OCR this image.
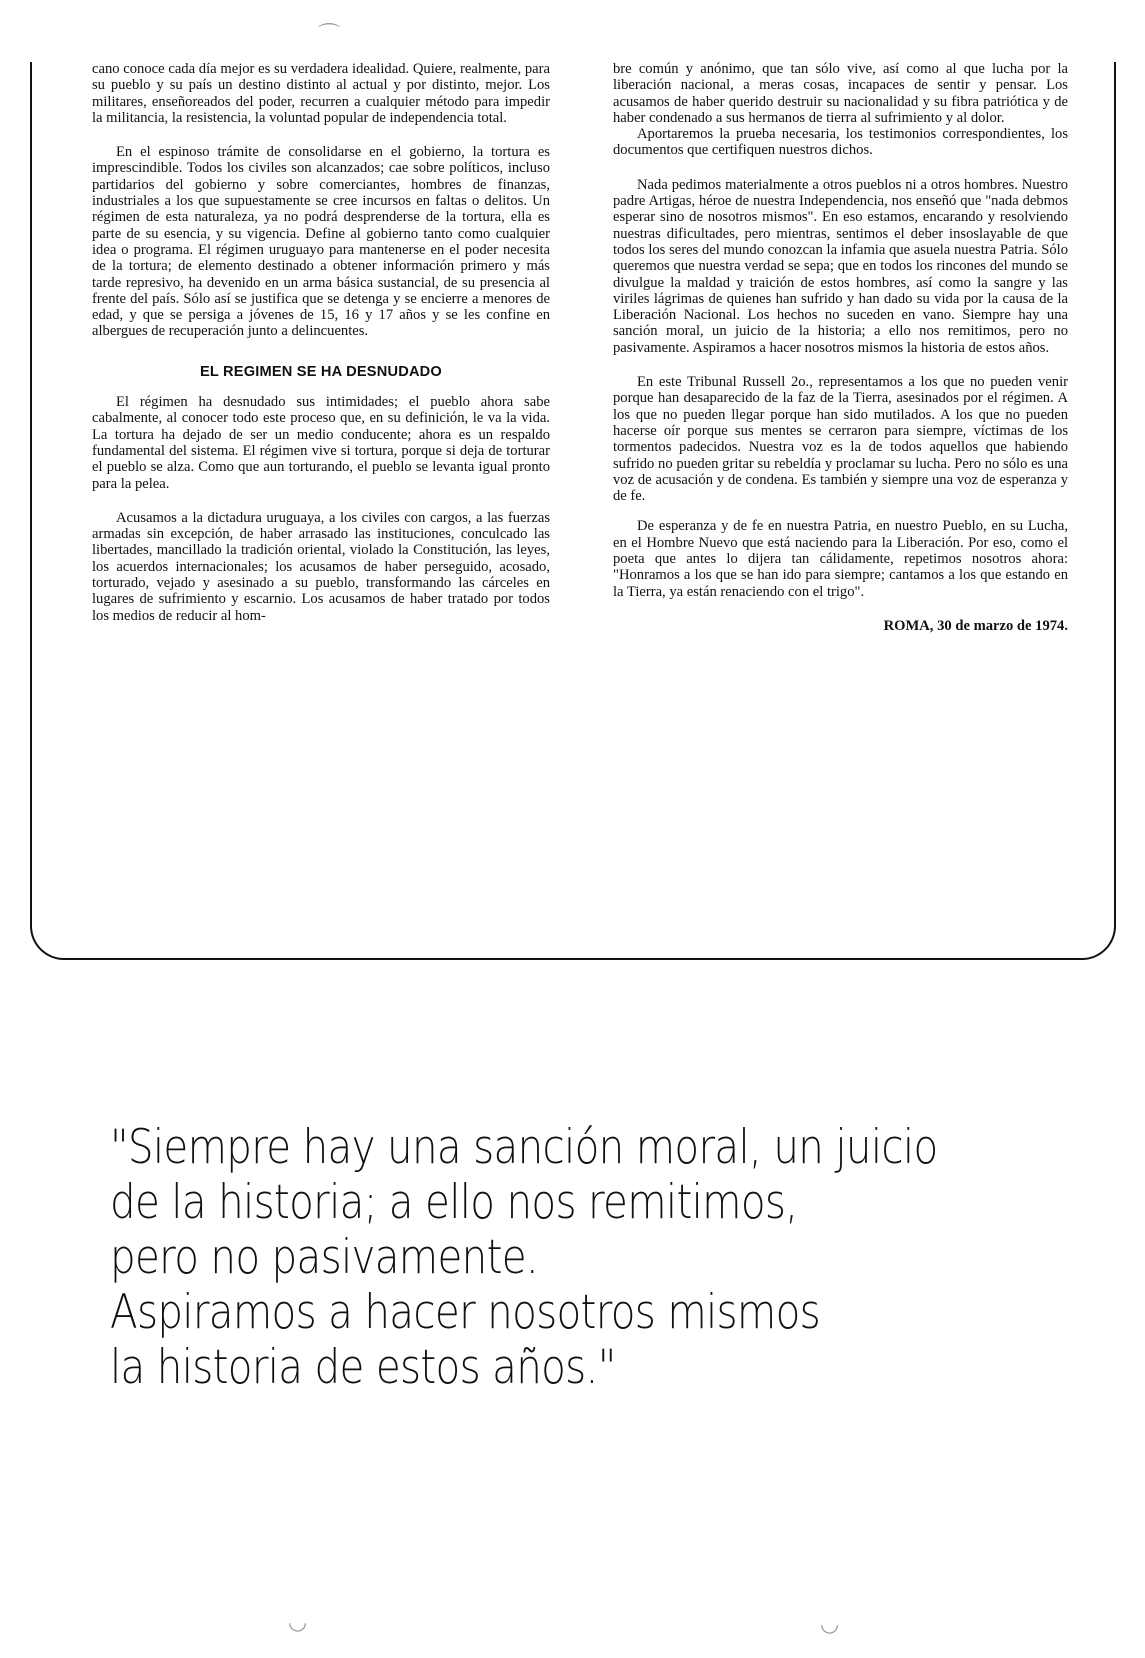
⌒

cano conoce cada día mejor es su verdadera idealidad. Quiere, realmente, para su pueblo y su país un destino distinto al actual y por distinto, mejor. Los militares, enseñoreados del poder, recurren a cualquier método para impedir la militancia, la resistencia, la voluntad popular de independencia total.

En el espinoso trámite de consolidarse en el gobierno, la tortura es imprescindible. Todos los civiles son alcanzados; cae sobre políticos, incluso partidarios del gobierno y sobre comerciantes, hombres de finanzas, industriales a los que supuestamente se cree incursos en faltas o delitos. Un régimen de esta naturaleza, ya no podrá desprenderse de la tortura, ella es parte de su esencia, y su vigencia. Define al gobierno tanto como cualquier idea o programa. El régimen uruguayo para mantenerse en el poder necesita de la tortura; de elemento destinado a obtener información primero y más tarde represivo, ha devenido en un arma básica sustancial, de su presencia al frente del país. Sólo así se justifica que se detenga y se encierre a menores de edad, y que se persiga a jóvenes de 15, 16 y 17 años y se les confine en albergues de recuperación junto a delincuentes.

EL REGIMEN SE HA DESNUDADO

El régimen ha desnudado sus intimidades; el pueblo ahora sabe cabalmente, al conocer todo este proceso que, en su definición, le va la vida. La tortura ha dejado de ser un medio conducente; ahora es un respaldo fundamental del sistema. El régimen vive si tortura, porque si deja de torturar el pueblo se alza. Como que aun torturando, el pueblo se levanta igual pronto para la pelea.

Acusamos a la dictadura uruguaya, a los civiles con cargos, a las fuerzas armadas sin excepción, de haber arrasado las instituciones, conculcado las libertades, mancillado la tradición oriental, violado la Constitución, las leyes, los acuerdos internacionales; los acusamos de haber perseguido, acosado, torturado, vejado y asesinado a su pueblo, transformando las cárceles en lugares de sufrimiento y escarnio. Los acusamos de haber tratado por todos los medios de reducir al hom-

bre común y anónimo, que tan sólo vive, así como al que lucha por la liberación nacional, a meras cosas, incapaces de sentir y pensar. Los acusamos de haber querido destruir su nacionalidad y su fibra patriótica y de haber condenado a sus hermanos de tierra al sufrimiento y al dolor.

Aportaremos la prueba necesaria, los testimonios correspondientes, los documentos que certifiquen nuestros dichos.

Nada pedimos materialmente a otros pueblos ni a otros hombres. Nuestro padre Artigas, héroe de nuestra Independencia, nos enseñó que "nada debmos esperar sino de nosotros mismos". En eso estamos, encarando y resolviendo nuestras dificultades, pero mientras, sentimos el deber insoslayable de que todos los seres del mundo conozcan la infamia que asuela nuestra Patria. Sólo queremos que nuestra verdad se sepa; que en todos los rincones del mundo se divulgue la maldad y traición de estos hombres, así como la sangre y las viriles lágrimas de quienes han sufrido y han dado su vida por la causa de la Liberación Nacional. Los hechos no suceden en vano. Siempre hay una sanción moral, un juicio de la historia; a ello nos remitimos, pero no pasivamente. Aspiramos a hacer nosotros mismos la historia de estos años.

En este Tribunal Russell 2o., representamos a los que no pueden venir porque han desaparecido de la faz de la Tierra, asesinados por el régimen. A los que no pueden llegar porque han sido mutilados. A los que no pueden hacerse oír porque sus mentes se cerraron para siempre, víctimas de los tormentos padecidos. Nuestra voz es la de todos aquellos que habiendo sufrido no pueden gritar su rebeldía y proclamar su lucha. Pero no sólo es una voz de acusación y de condena. Es también y siempre una voz de esperanza y de fe.

De esperanza y de fe en nuestra Patria, en nuestro Pueblo, en su Lucha, en el Hombre Nuevo que está naciendo para la Liberación. Por eso, como el poeta que antes lo dijera tan cálidamente, repetimos nosotros ahora: "Honramos a los que se han ido para siempre; cantamos a los que estando en la Tierra, ya están renaciendo con el trigo".

ROMA, 30 de marzo de 1974.
"Siempre hay una sanción moral, un juicio
de la historia; a ello nos remitimos,
pero no pasivamente.
Aspiramos a hacer nosotros mismos
la historia de estos años."
◡	◡
